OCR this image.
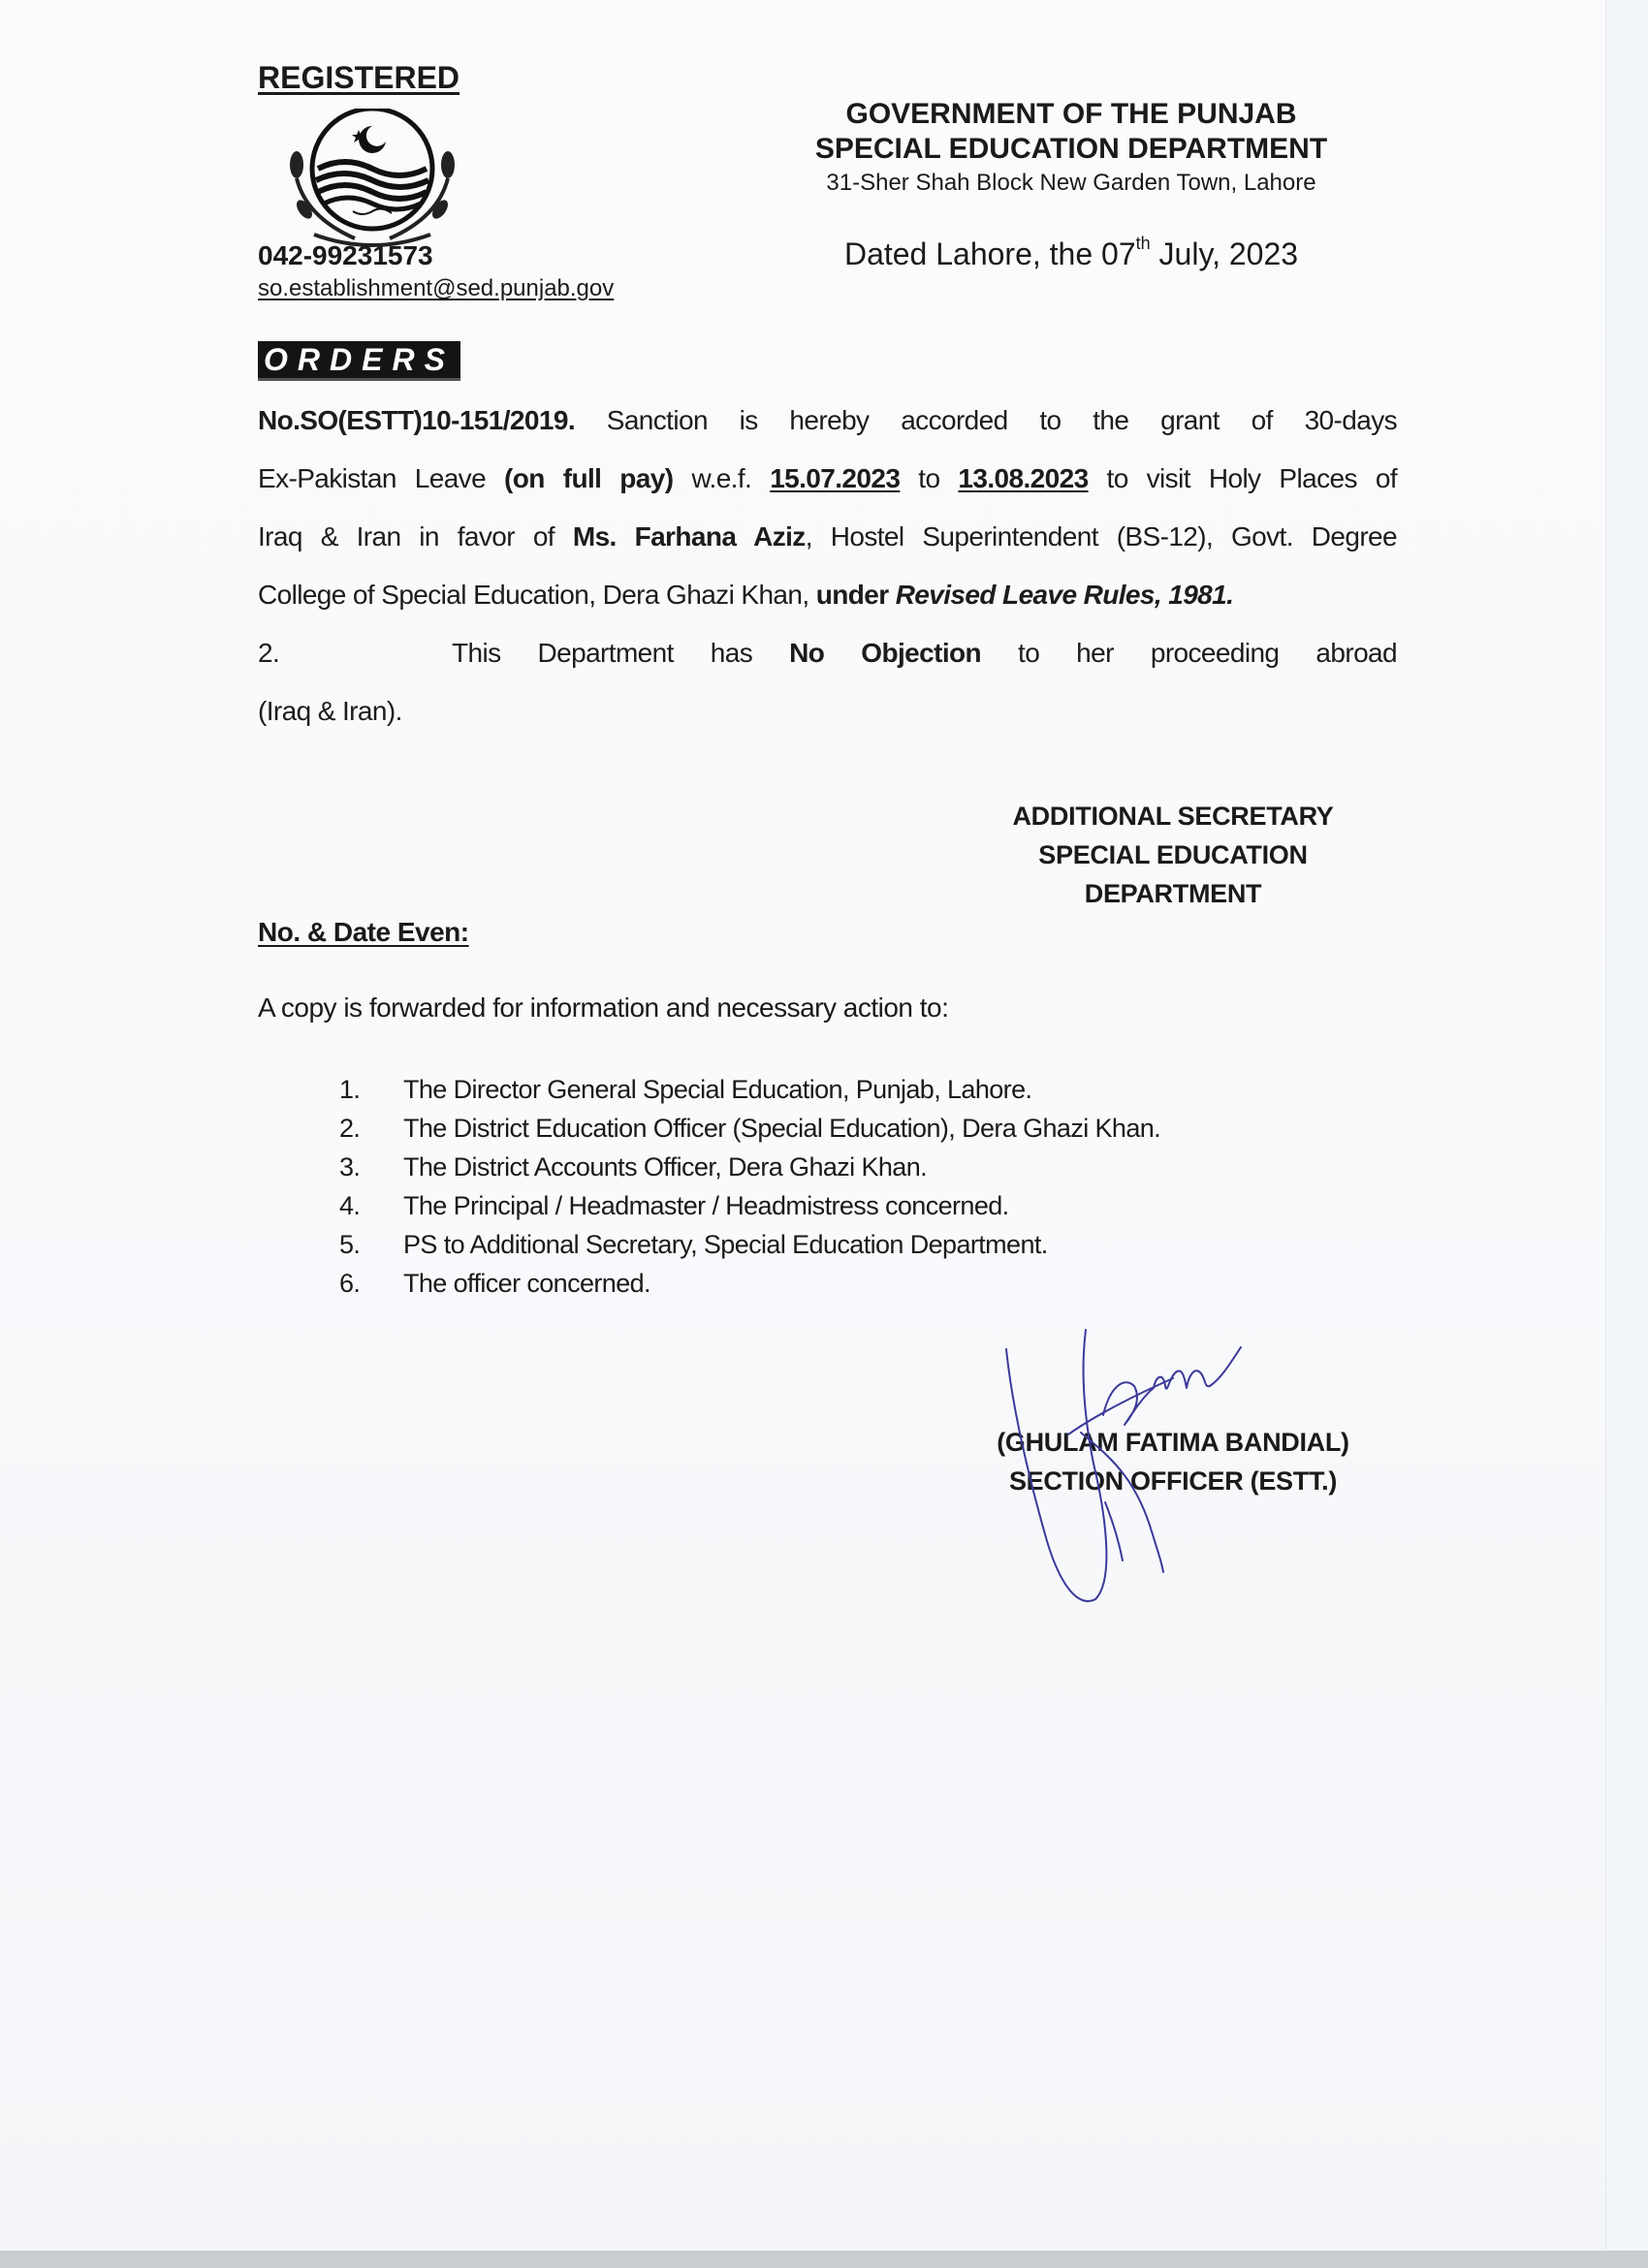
REGISTERED
042-99231573
so.establishment@sed.punjab.gov
GOVERNMENT OF THE PUNJAB
SPECIAL EDUCATION DEPARTMENT
31-Sher Shah Block New Garden Town, Lahore
Dated Lahore, the 07th July, 2023
ORDERS
No.SO(ESTT)10-151/2019. Sanction is hereby accorded to the grant of 30-days
Ex-Pakistan Leave (on full pay) w.e.f. 15.07.2023 to 13.08.2023 to visit Holy Places of
Iraq & Iran in favor of Ms. Farhana Aziz, Hostel Superintendent (BS-12), Govt. Degree
College of Special Education, Dera Ghazi Khan, under Revised Leave Rules, 1981.
2.	This Department has No Objection to her proceeding abroad
(Iraq & Iran).
ADDITIONAL SECRETARY
SPECIAL EDUCATION
DEPARTMENT
No. & Date Even:
A copy is forwarded for information and necessary action to:
1.	The Director General Special Education, Punjab, Lahore.
2.	The District Education Officer (Special Education), Dera Ghazi Khan.
3.	The District Accounts Officer, Dera Ghazi Khan.
4.	The Principal / Headmaster / Headmistress concerned.
5.	PS to Additional Secretary, Special Education Department.
6.	The officer concerned.
(GHULAM FATIMA BANDIAL)
SECTION OFFICER (ESTT.)
